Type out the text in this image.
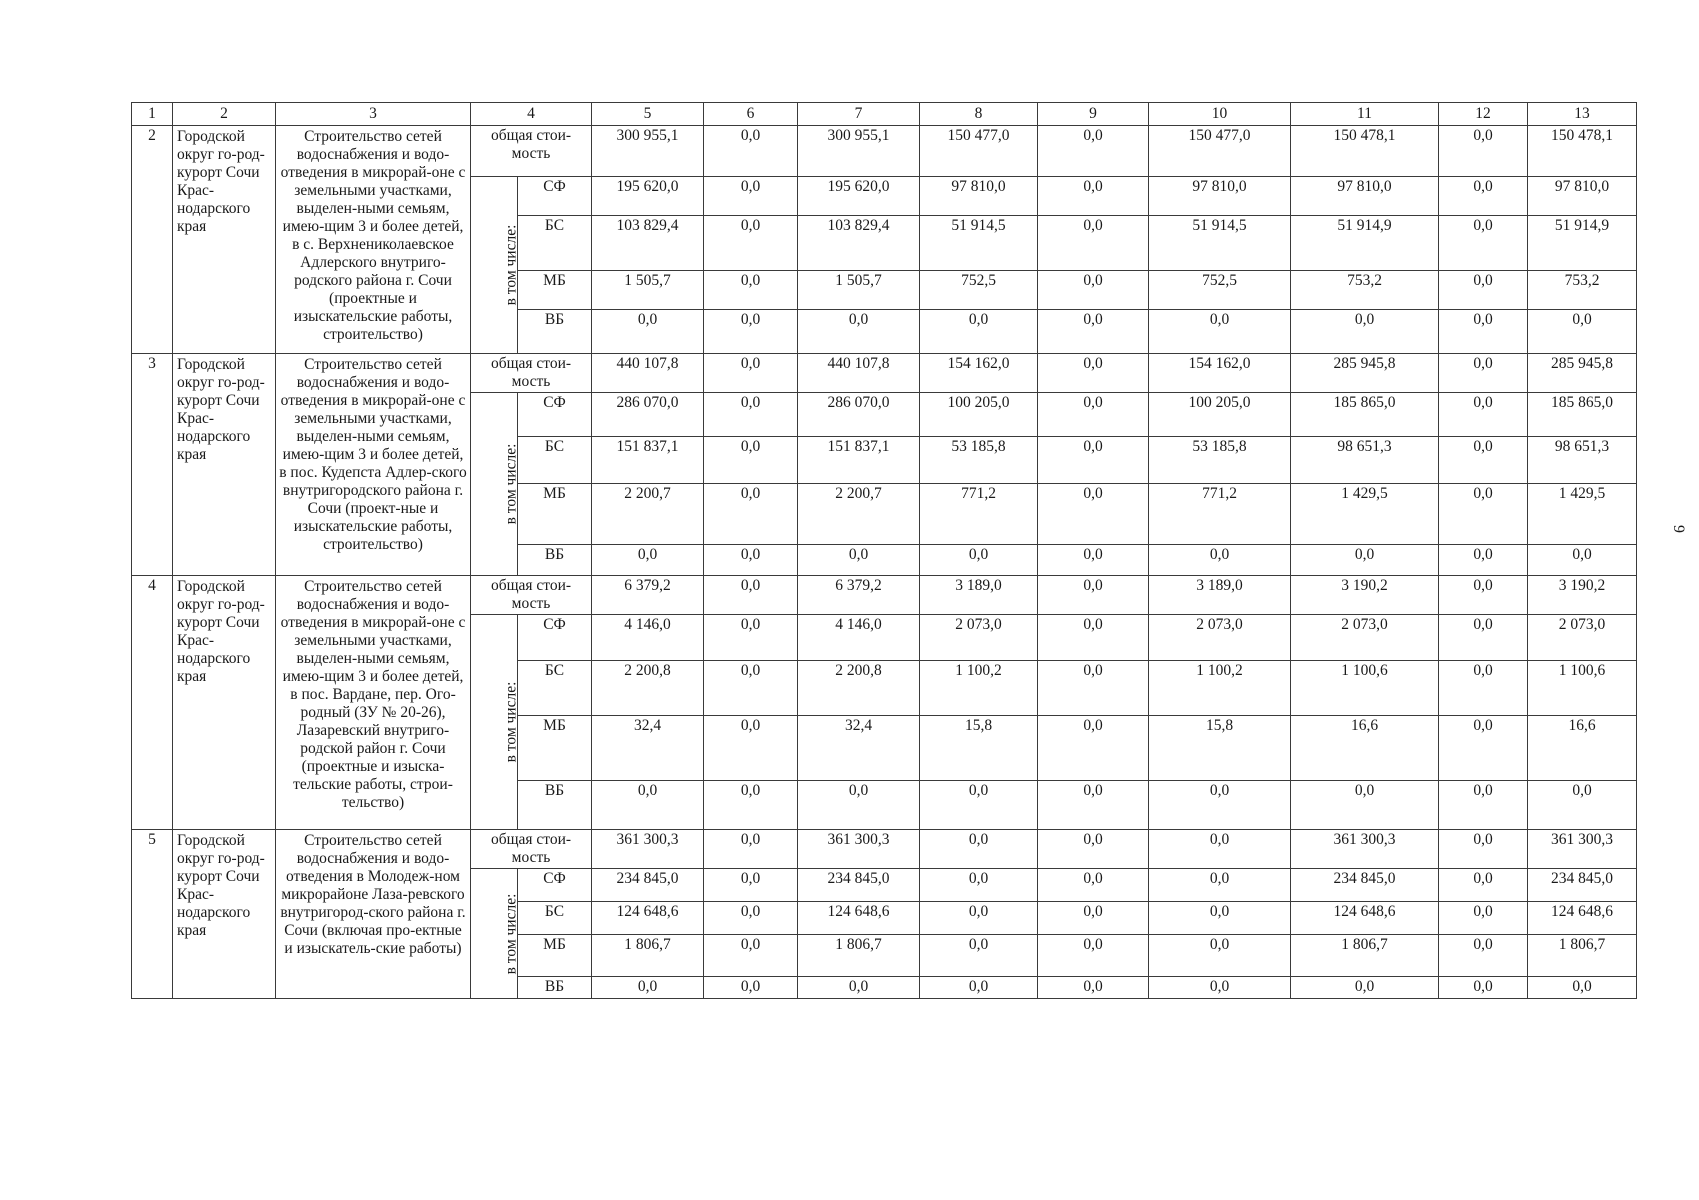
1	2	3	4		5	6	7	8	9	10	11	12	13
2	Городской округ го-род-курорт Сочи Крас-нодарского края	Строительство сетей водоснабжения и водо-отведения в микрорай-оне с земельными участками, выделен-ными семьям, имею-щим 3 и более детей, в с. Верхнениколаевское Адлерского внутриго-родского района г. Сочи (проектные и изыскательские работы, строительство)	общая стои-мость		300 955,1	0,0	300 955,1	150 477,0	0,0	150 477,0	150 478,1	0,0	150 478,1
			в том числе:	СФ	195 620,0	0,0	195 620,0	97 810,0	0,0	97 810,0	97 810,0	0,0	97 810,0
				БС	103 829,4	0,0	103 829,4	51 914,5	0,0	51 914,5	51 914,9	0,0	51 914,9
				МБ	1 505,7	0,0	1 505,7	752,5	0,0	752,5	753,2	0,0	753,2
				ВБ	0,0	0,0	0,0	0,0	0,0	0,0	0,0	0,0	0,0
3	Городской округ го-род-курорт Сочи Крас-нодарского края	Строительство сетей водоснабжения и водо-отведения в микрорай-оне с земельными участками, выделен-ными семьям, имею-щим 3 и более детей, в пос. Кудепста Адлер-ского внутригородского района г. Сочи (проект-ные и изыскательские работы, строительство)	общая стои-мость		440 107,8	0,0	440 107,8	154 162,0	0,0	154 162,0	285 945,8	0,0	285 945,8
			в том числе:	СФ	286 070,0	0,0	286 070,0	100 205,0	0,0	100 205,0	185 865,0	0,0	185 865,0
				БС	151 837,1	0,0	151 837,1	53 185,8	0,0	53 185,8	98 651,3	0,0	98 651,3
				МБ	2 200,7	0,0	2 200,7	771,2	0,0	771,2	1 429,5	0,0	1 429,5
				ВБ	0,0	0,0	0,0	0,0	0,0	0,0	0,0	0,0	0,0
4	Городской округ го-род-курорт Сочи Крас-нодарского края	Строительство сетей водоснабжения и водо-отведения в микрорай-оне с земельными участками, выделен-ными семьям, имею-щим 3 и более детей, в пос. Вардане, пер. Ого-родный (ЗУ № 20-26), Лазаревский внутриго-родской район г. Сочи (проектные и изыска-тельские работы, строи-тельство)	общая стои-мость		6 379,2	0,0	6 379,2	3 189,0	0,0	3 189,0	3 190,2	0,0	3 190,2
			в том числе:	СФ	4 146,0	0,0	4 146,0	2 073,0	0,0	2 073,0	2 073,0	0,0	2 073,0
				БС	2 200,8	0,0	2 200,8	1 100,2	0,0	1 100,2	1 100,6	0,0	1 100,6
				МБ	32,4	0,0	32,4	15,8	0,0	15,8	16,6	0,0	16,6
				ВБ	0,0	0,0	0,0	0,0	0,0	0,0	0,0	0,0	0,0
5	Городской округ го-род-курорт Сочи Крас-нодарского края	Строительство сетей водоснабжения и водо-отведения в Молодеж-ном микрорайоне Лаза-ревского внутригород-ского района г. Сочи (включая про-ектные и изыскатель-ские работы)	общая стои-мость		361 300,3	0,0	361 300,3	0,0	0,0	0,0	361 300,3	0,0	361 300,3
			в том числе:	СФ	234 845,0	0,0	234 845,0	0,0	0,0	0,0	234 845,0	0,0	234 845,0
				БС	124 648,6	0,0	124 648,6	0,0	0,0	0,0	124 648,6	0,0	124 648,6
				МБ	1 806,7	0,0	1 806,7	0,0	0,0	0,0	1 806,7	0,0	1 806,7
				ВБ	0,0	0,0	0,0	0,0	0,0	0,0	0,0	0,0	0,0
9
